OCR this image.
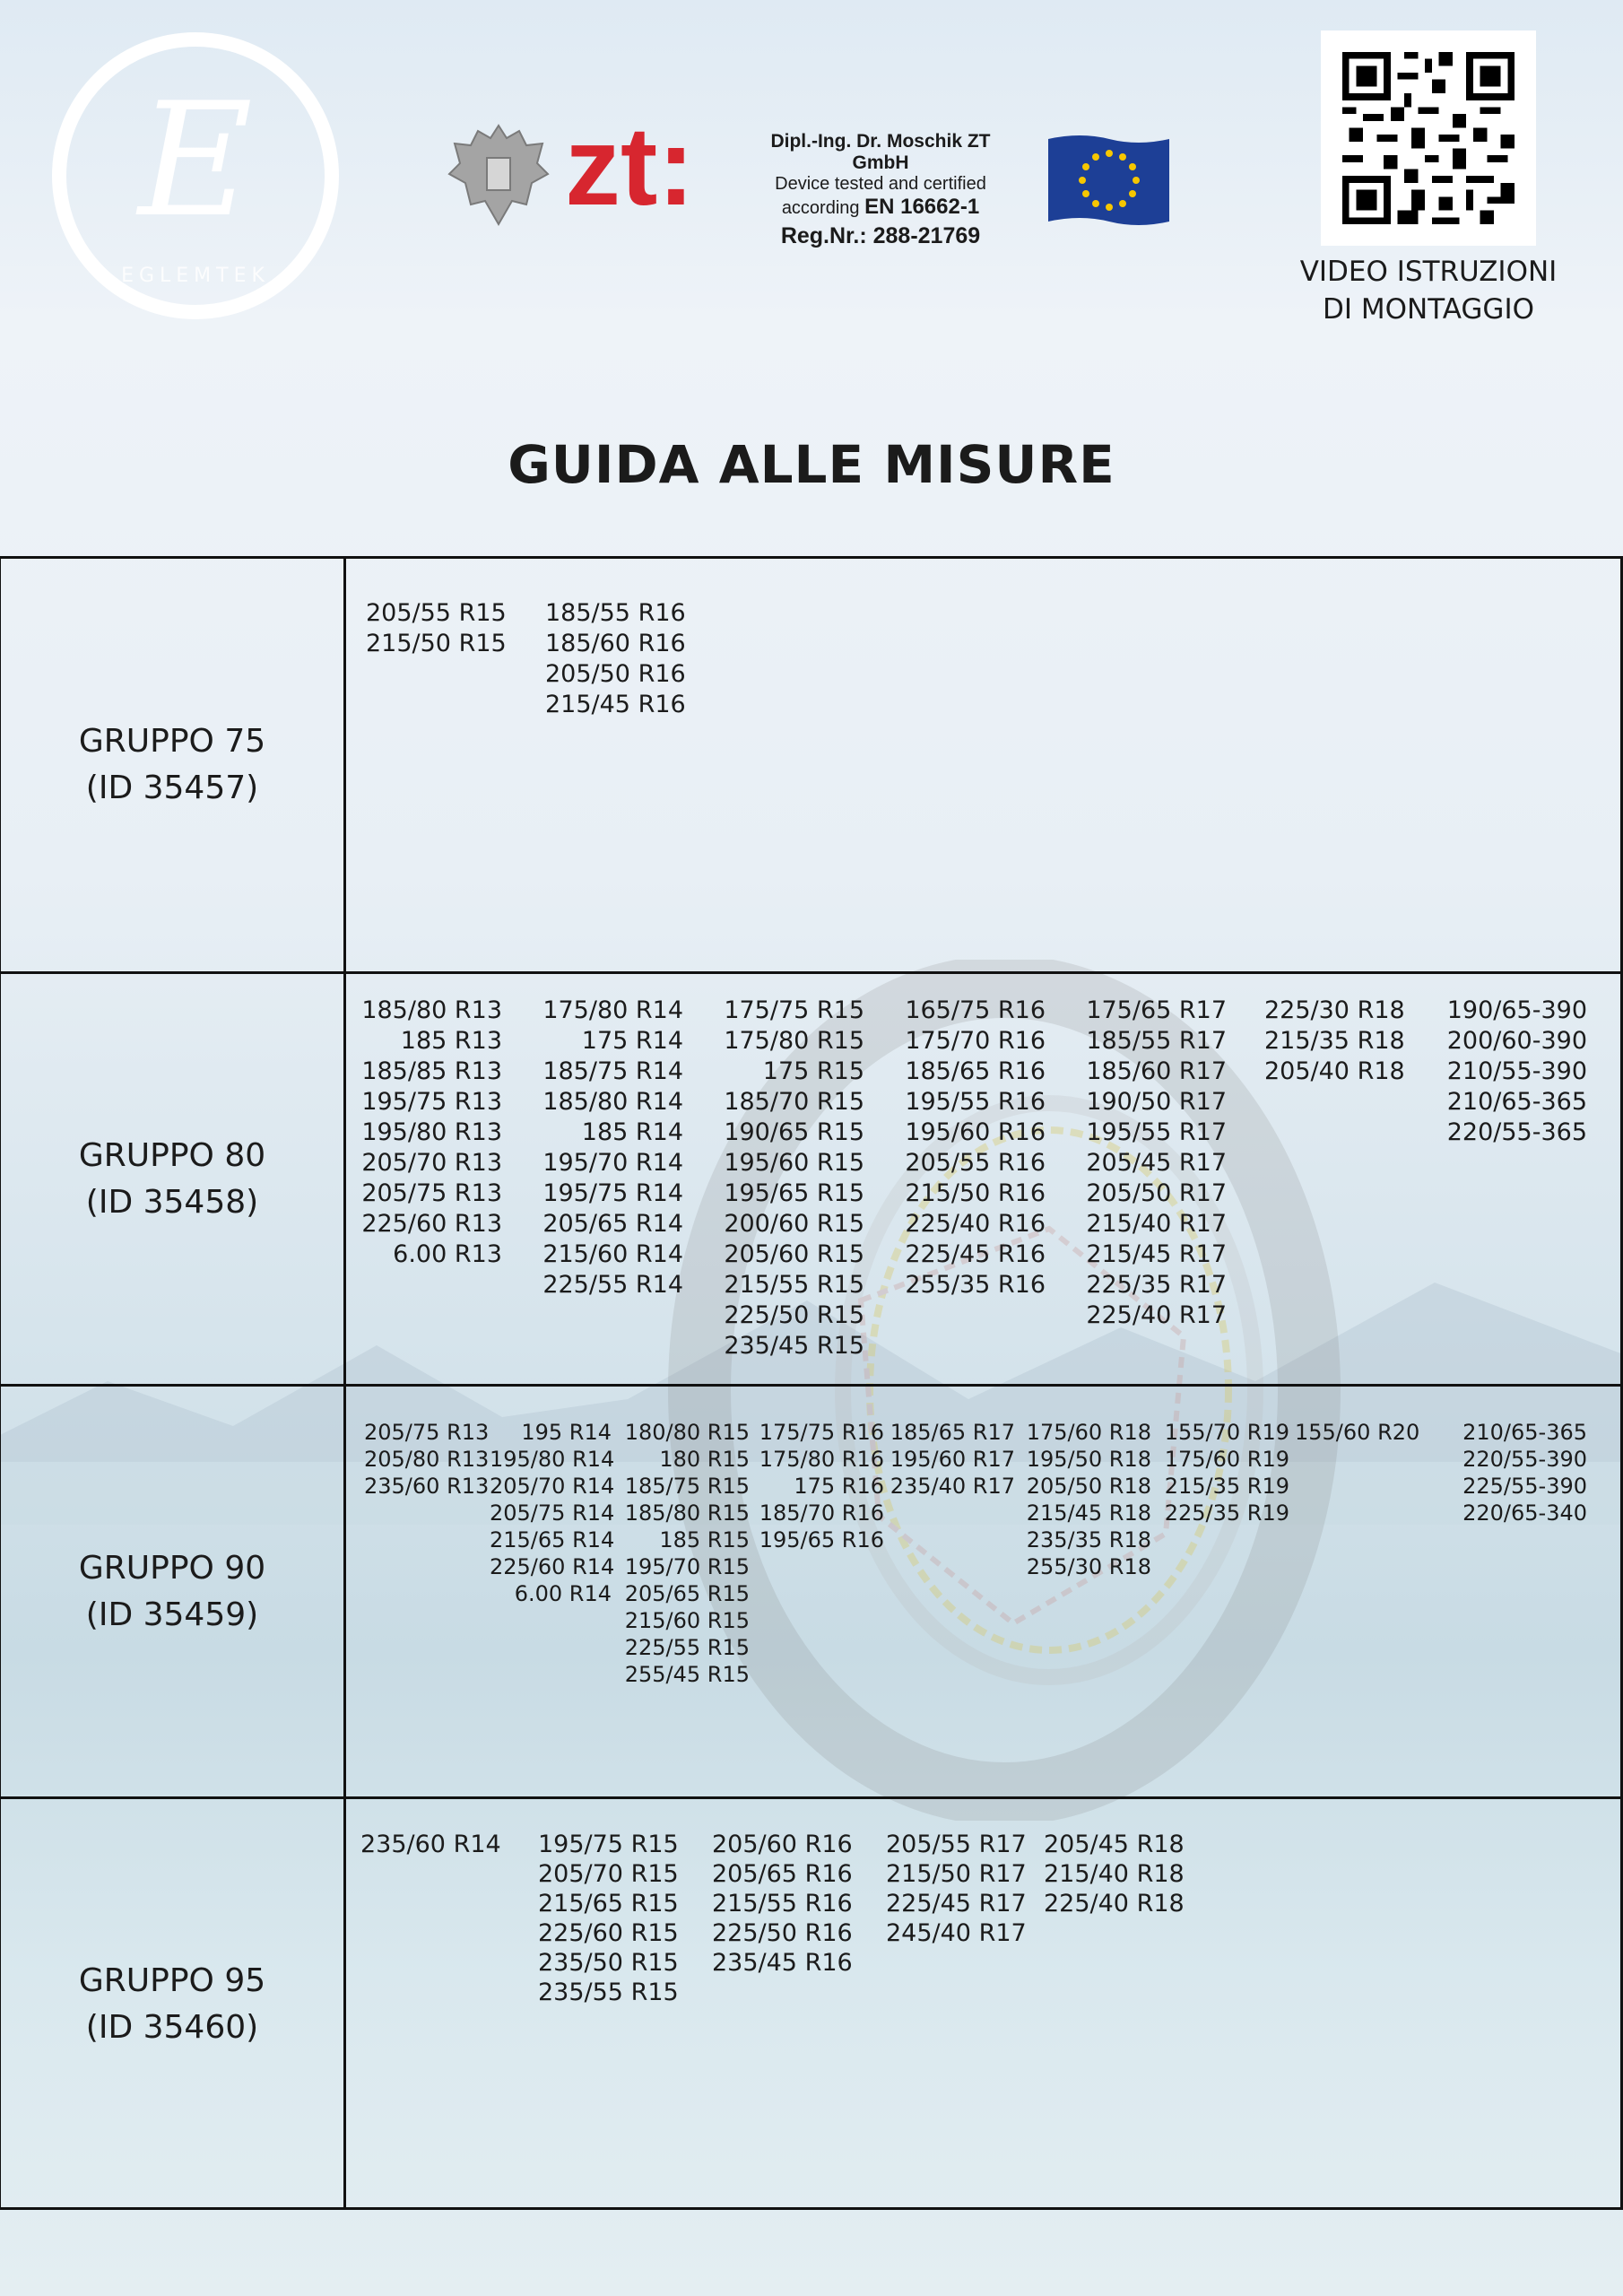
E
EGLEMTEK
zt:	Dipl.-Ing. Dr. Moschik ZT GmbH
Device tested and certified
according EN 16662-1
Reg.Nr.: 288-21769
VIDEO ISTRUZIONI
DI MONTAGGIO
GUIDA ALLE MISURE
GRUPPO 75
(ID 35457)
205/55 R15
215/50 R15
185/55 R16
185/60 R16
205/50 R16
215/45 R16
GRUPPO 80
(ID 35458)
185/80 R13
185 R13
185/85 R13
195/75 R13
195/80 R13
205/70 R13
205/75 R13
225/60 R13
6.00 R13
175/80 R14
175 R14
185/75 R14
185/80 R14
185 R14
195/70 R14
195/75 R14
205/65 R14
215/60 R14
225/55 R14
175/75 R15
175/80 R15
175 R15
185/70 R15
190/65 R15
195/60 R15
195/65 R15
200/60 R15
205/60 R15
215/55 R15
225/50 R15
235/45 R15
165/75 R16
175/70 R16
185/65 R16
195/55 R16
195/60 R16
205/55 R16
215/50 R16
225/40 R16
225/45 R16
255/35 R16
175/65 R17
185/55 R17
185/60 R17
190/50 R17
195/55 R17
205/45 R17
205/50 R17
215/40 R17
215/45 R17
225/35 R17
225/40 R17
225/30 R18
215/35 R18
205/40 R18
190/65-390
200/60-390
210/55-390
210/65-365
220/55-365
GRUPPO 90
(ID 35459)
205/75 R13
205/80 R13
235/60 R13
195 R14
195/80 R14
205/70 R14
205/75 R14
215/65 R14
225/60 R14
6.00 R14
180/80 R15
180 R15
185/75 R15
185/80 R15
185 R15
195/70 R15
205/65 R15
215/60 R15
225/55 R15
255/45 R15
175/75 R16
175/80 R16
175 R16
185/70 R16
195/65 R16
185/65 R17
195/60 R17
235/40 R17
175/60 R18
195/50 R18
205/50 R18
215/45 R18
235/35 R18
255/30 R18
155/70 R19
175/60 R19
215/35 R19
225/35 R19
155/60 R20	210/65-365
220/55-390
225/55-390
220/65-340
GRUPPO 95
(ID 35460)
235/60 R14 195/75 R15
205/70 R15
215/65 R15
225/60 R15
235/50 R15
235/55 R15
205/60 R16
205/65 R16
215/55 R16
225/50 R16
235/45 R16
205/55 R17
215/50 R17
225/45 R17
245/40 R17
205/45 R18
215/40 R18
225/40 R18
